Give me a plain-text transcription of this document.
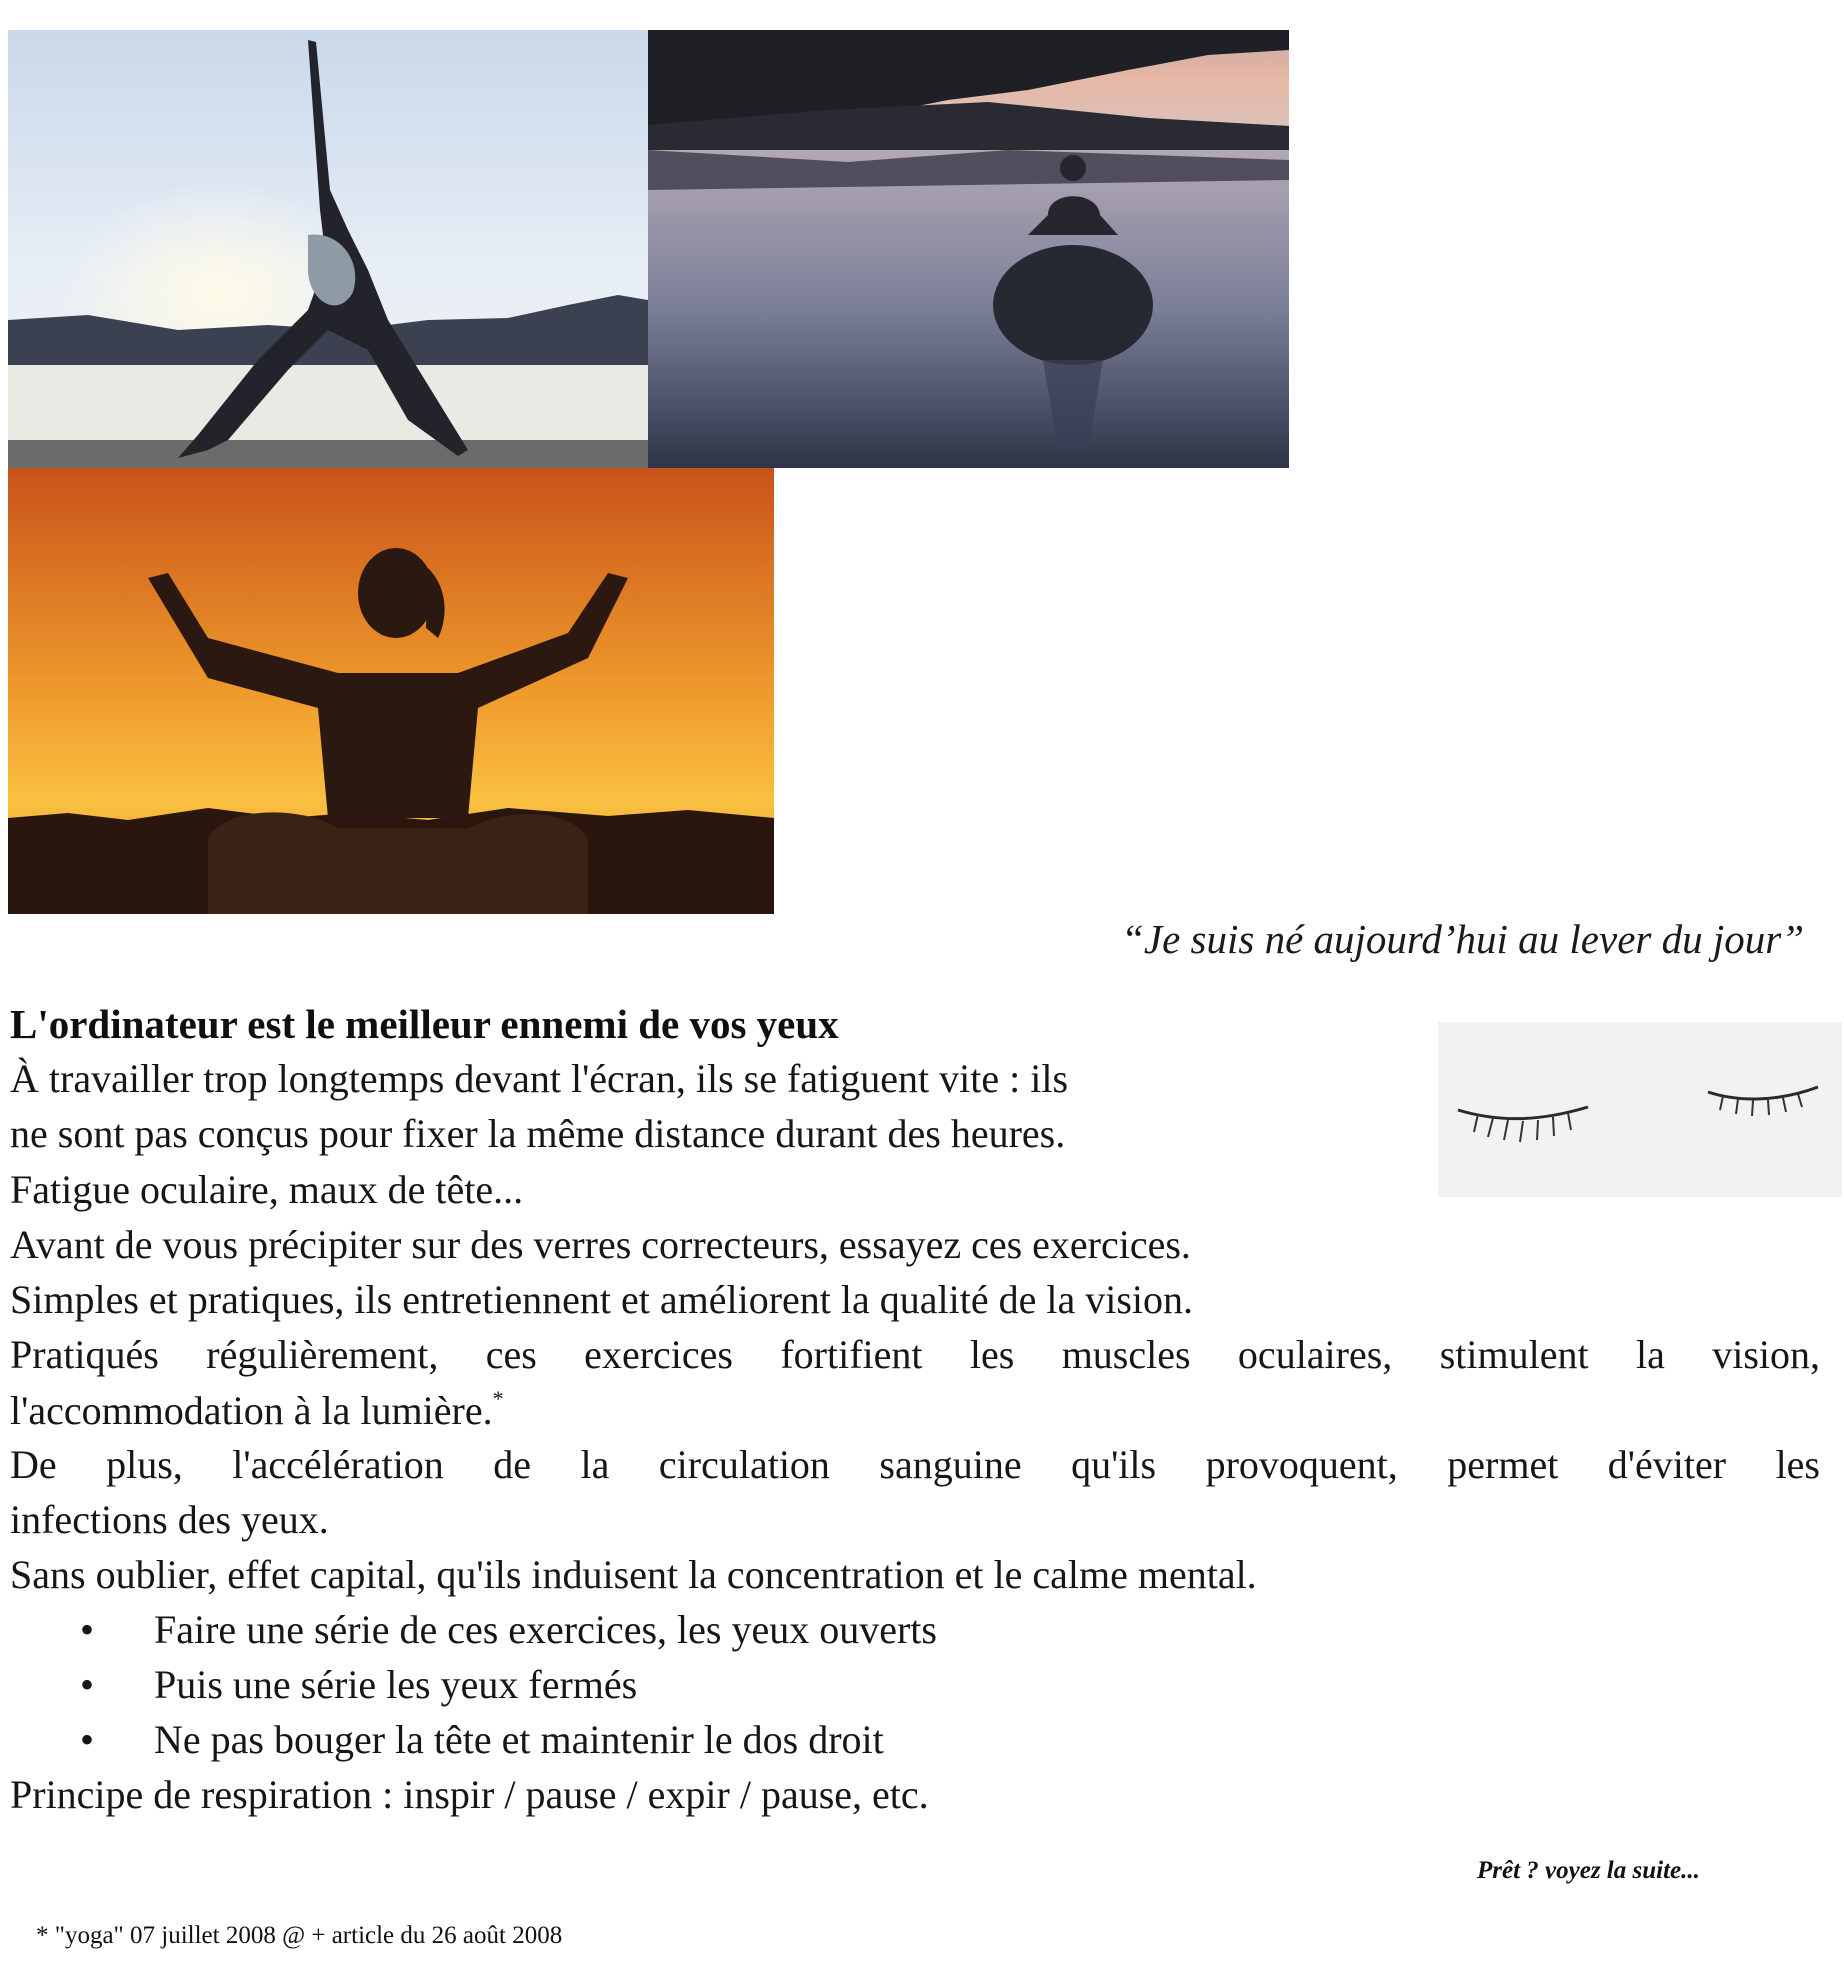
“Je suis né aujourd’hui au lever du jour”
L'ordinateur est le meilleur ennemi de vos yeux
À travailler trop longtemps devant l'écran, ils se fatiguent vite : ils
ne sont pas conçus pour fixer la même distance durant des heures.
Fatigue oculaire, maux de tête...
Avant de vous précipiter sur des verres correcteurs, essayez ces exercices.
Simples et pratiques, ils entretiennent et améliorent la qualité de la vision.
Pratiqués régulièrement, ces exercices fortifient les muscles oculaires, stimulent la vision,
l'accommodation à la lumière.*
De plus, l'accélération de la circulation sanguine qu'ils provoquent, permet d'éviter les
infections des yeux.
Sans oublier, effet capital, qu'ils induisent la concentration et le calme mental.
• Faire une série de ces exercices, les yeux ouverts
• Puis une série les yeux fermés
• Ne pas bouger la tête et maintenir le dos droit
Principe de respiration : inspir / pause / expir / pause, etc.
Prêt ? voyez la suite...
* "yoga" 07 juillet 2008 @ + article du 26 août 2008
